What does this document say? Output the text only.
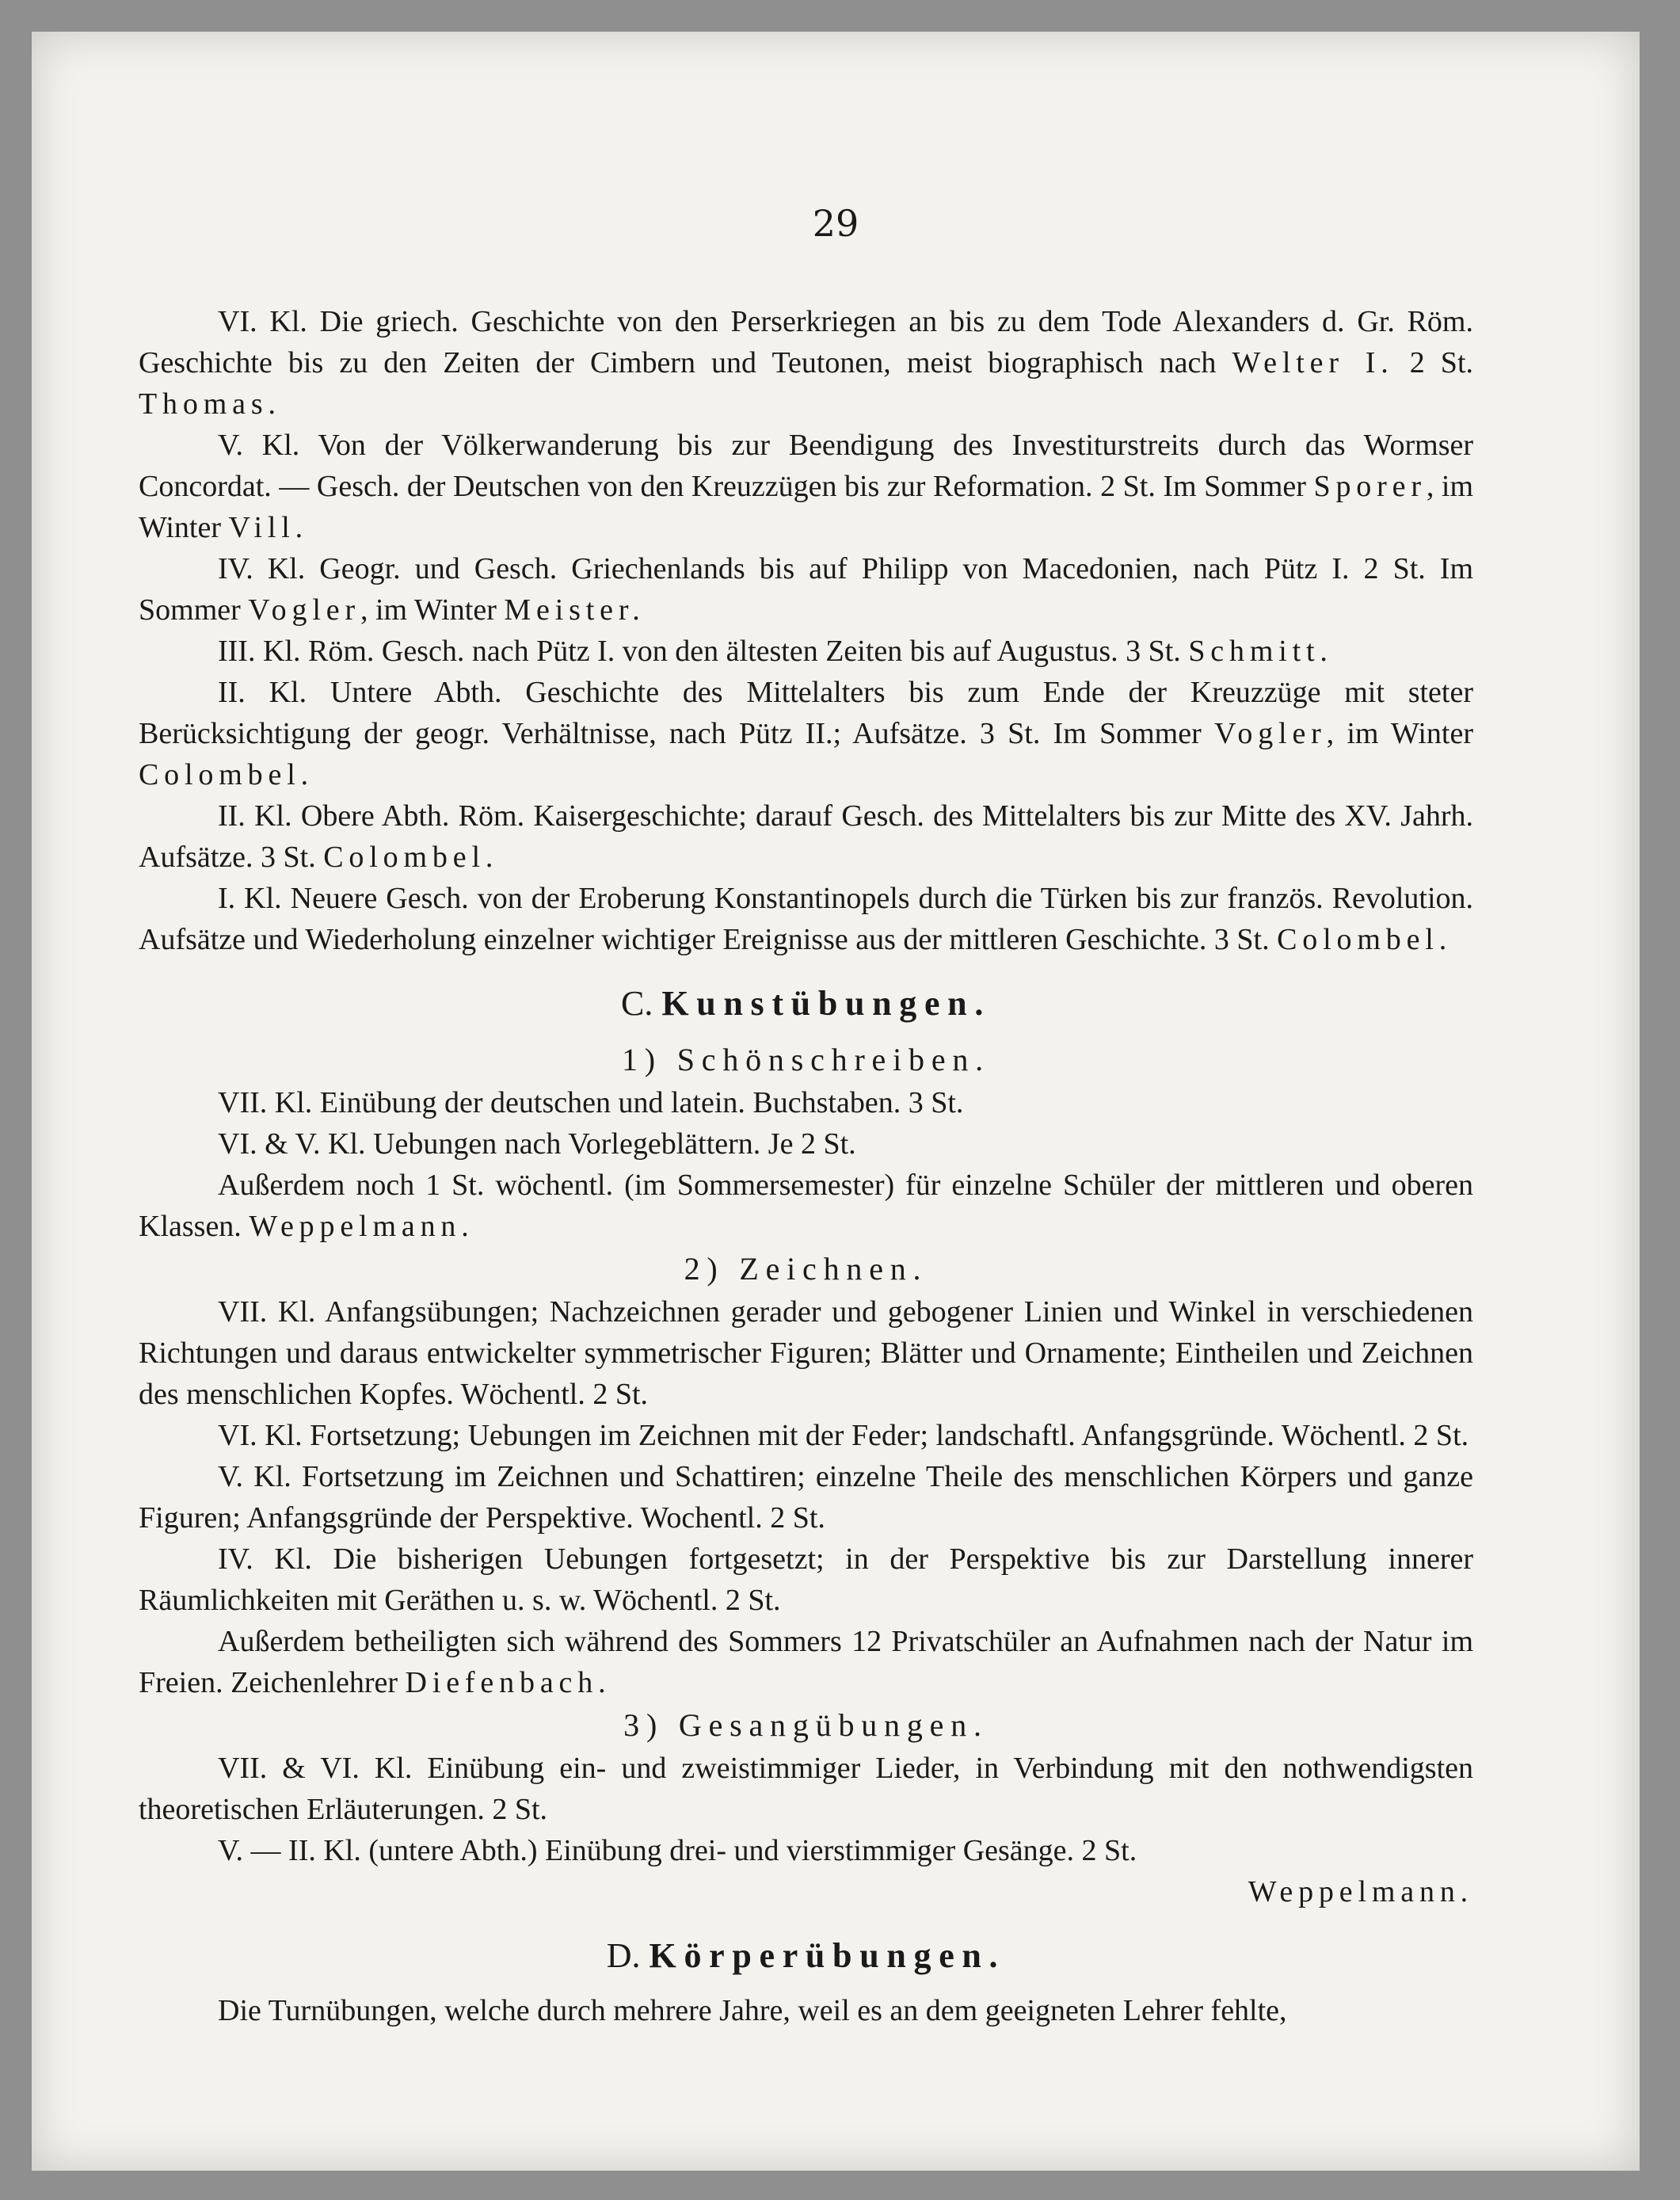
29

VI. Kl. Die griech. Geschichte von den Perserkriegen an bis zu dem Tode Alexanders d. Gr. Röm. Geschichte bis zu den Zeiten der Cimbern und Teutonen, meist biographisch nach Welter I. 2 St. Thomas.

V. Kl. Von der Völkerwanderung bis zur Beendigung des Investiturstreits durch das Wormser Concordat. — Gesch. der Deutschen von den Kreuzzügen bis zur Reformation. 2 St. Im Sommer Sporer, im Winter Vill.

IV. Kl. Geogr. und Gesch. Griechenlands bis auf Philipp von Macedonien, nach Pütz I. 2 St. Im Sommer Vogler, im Winter Meister.

III. Kl. Röm. Gesch. nach Pütz I. von den ältesten Zeiten bis auf Augustus. 3 St. Schmitt.

II. Kl. Untere Abth. Geschichte des Mittelalters bis zum Ende der Kreuzzüge mit steter Berücksichtigung der geogr. Verhältnisse, nach Pütz II.; Aufsätze. 3 St. Im Sommer Vogler, im Winter Colombel.

II. Kl. Obere Abth. Röm. Kaisergeschichte; darauf Gesch. des Mittelalters bis zur Mitte des XV. Jahrh. Aufsätze. 3 St. Colombel.

I. Kl. Neuere Gesch. von der Eroberung Konstantinopels durch die Türken bis zur französ. Revolution. Aufsätze und Wiederholung einzelner wichtiger Ereignisse aus der mittleren Geschichte. 3 St. Colombel.

C. Kunstübungen.
1) Schönschreiben.

VII. Kl. Einübung der deutschen und latein. Buchstaben. 3 St.

VI. & V. Kl. Uebungen nach Vorlegeblättern. Je 2 St.

Außerdem noch 1 St. wöchentl. (im Sommersemester) für einzelne Schüler der mittleren und oberen Klassen. Weppelmann.

2) Zeichnen.

VII. Kl. Anfangsübungen; Nachzeichnen gerader und gebogener Linien und Winkel in verschiedenen Richtungen und daraus entwickelter symmetrischer Figuren; Blätter und Ornamente; Eintheilen und Zeichnen des menschlichen Kopfes. Wöchentl. 2 St.

VI. Kl. Fortsetzung; Uebungen im Zeichnen mit der Feder; landschaftl. Anfangsgründe. Wöchentl. 2 St.

V. Kl. Fortsetzung im Zeichnen und Schattiren; einzelne Theile des menschlichen Körpers und ganze Figuren; Anfangsgründe der Perspektive. Wochentl. 2 St.

IV. Kl. Die bisherigen Uebungen fortgesetzt; in der Perspektive bis zur Darstellung innerer Räumlichkeiten mit Geräthen u. s. w. Wöchentl. 2 St.

Außerdem betheiligten sich während des Sommers 12 Privatschüler an Aufnahmen nach der Natur im Freien. Zeichenlehrer Diefenbach.

3) Gesangübungen.

VII. & VI. Kl. Einübung ein- und zweistimmiger Lieder, in Verbindung mit den nothwendigsten theoretischen Erläuterungen. 2 St.

V. — II. Kl. (untere Abth.) Einübung drei- und vierstimmiger Gesänge. 2 St.

Weppelmann.

D. Körperübungen.

Die Turnübungen, welche durch mehrere Jahre, weil es an dem geeigneten Lehrer fehlte,
